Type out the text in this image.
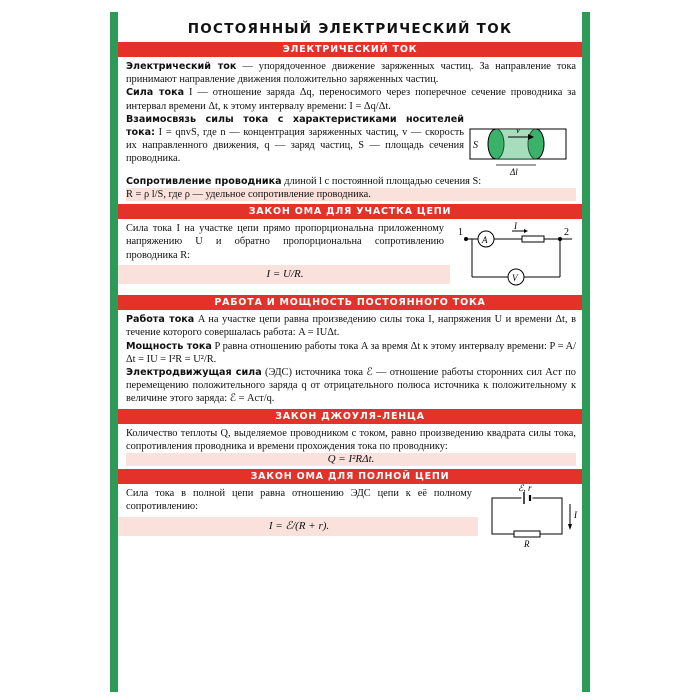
ПОСТОЯННЫЙ ЭЛЕКТРИЧЕСКИЙ ТОК
ЭЛЕКТРИЧЕСКИЙ ТОК

Электрический ток — упорядоченное движение заряженных частиц. За направление тока принимают направление движения положительно заряженных частиц.

Сила тока I — отношение заряда Δq, переносимого через поперечное сечение проводника за интервал времени Δt, к этому интервалу времени: I = Δq/Δt.

Взаимосвязь силы тока с характеристиками носителей тока: I = qnvS, где n — концентрация заряженных частиц, v — скорость их направленного движения, q — заряд частиц, S — площадь сечения проводника.

S
v
Δl

Сопротивление проводника длиной l с постоянной площадью сечения S:

R = ρ l/S, где ρ — удельное сопротивление проводника.

ЗАКОН ОМА ДЛЯ УЧАСТКА ЦЕПИ

Сила тока I на участке цепи прямо пропорциональна приложенному напряжению U и обратно пропорциональна сопротивлению проводника R:

I = U/R.

1	2
A
V
I
РАБОТА И МОЩНОСТЬ ПОСТОЯННОГО ТОКА

Работа тока A на участке цепи равна произведению силы тока I, напряжения U и времени Δt, в течение которого совершалась работа: A = IUΔt.

Мощность тока P равна отношению работы тока A за время Δt к этому интервалу времени: P = A/Δt = IU = I²R = U²/R.

Электродвижущая сила (ЭДС) источника тока ℰ — отношение работы сторонних сил Aст по перемещению положительного заряда q от отрицательного полюса источника к положительному к величине этого заряда: ℰ = Aст/q.

ЗАКОН ДЖОУЛЯ–ЛЕНЦА

Количество теплоты Q, выделяемое проводником с током, равно произведению квадрата силы тока, сопротивления проводника и времени прохождения тока по проводнику:

Q = I²RΔt.

ЗАКОН ОМА ДЛЯ ПОЛНОЙ ЦЕПИ

Сила тока в полной цепи равна отношению ЭДС цепи к её полному сопротивлению:

I = ℰ/(R + r).

ℰ, r
R
I
